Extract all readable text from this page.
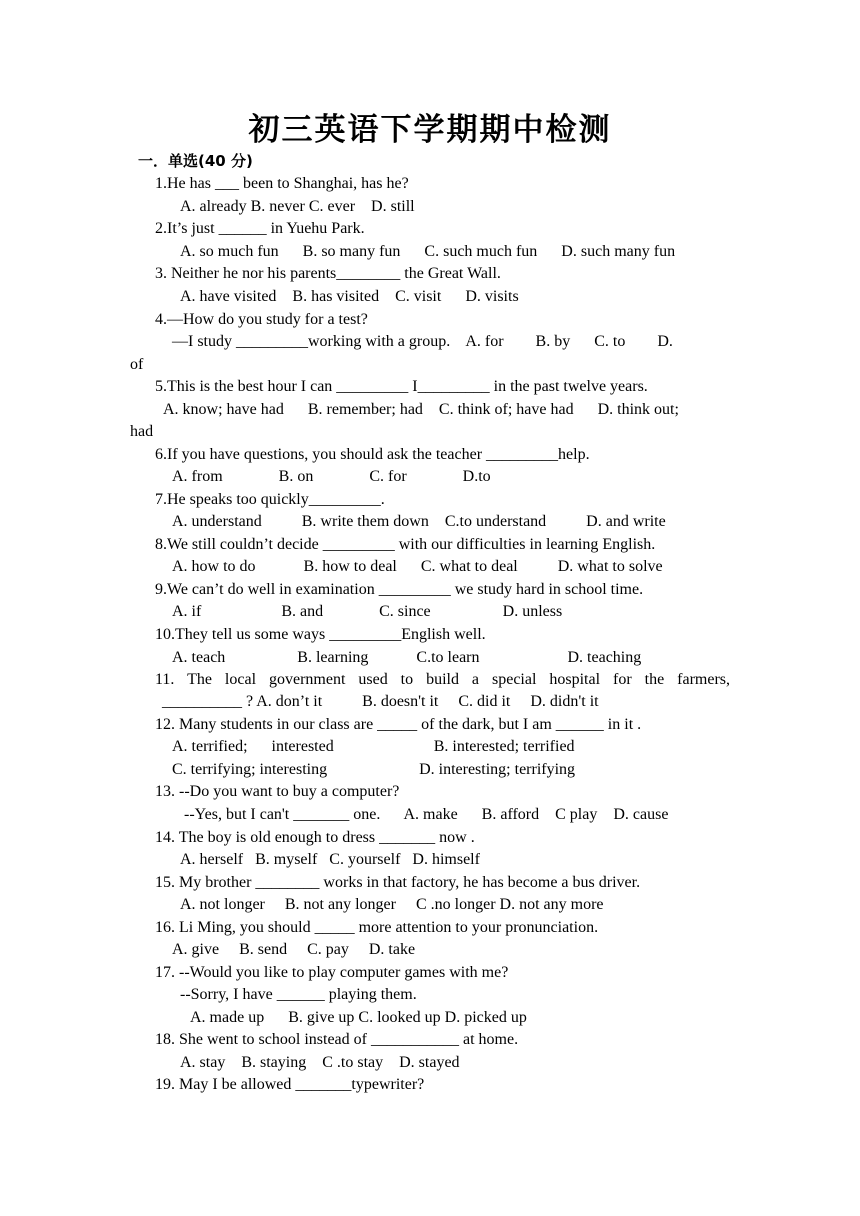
初三英语下学期期中检测
一．单选(40 分)
1.He has ___ been to Shanghai, has he?
A. already B. never C. ever    D. still
2.It’s just ______ in Yuehu Park.
A. so much fun      B. so many fun      C. such much fun      D. such many fun
3. Neither he nor his parents________ the Great Wall.
A. have visited    B. has visited    C. visit      D. visits
4.—How do you study for a test?
—I study _________working with a group.    A. for        B. by      C. to        D.
of
5.This is the best hour I can _________ I_________ in the past twelve years.
A. know; have had      B. remember; had    C. think of; have had      D. think out;
had
6.If you have questions, you should ask the teacher _________help.
A. from              B. on              C. for              D.to
7.He speaks too quickly_________.
A. understand          B. write them down    C.to understand          D. and write
8.We still couldn’t decide _________ with our difficulties in learning English.
A. how to do            B. how to deal      C. what to deal          D. what to solve
9.We can’t do well in examination _________ we study hard in school time.
A. if                    B. and              C. since                  D. unless
10.They tell us some ways _________English well.
A. teach                  B. learning            C.to learn                      D. teaching
11. The local government used to build a special hospital for the farmers,
__________ ? A. don’t it          B. doesn't it     C. did it     D. didn't it
12. Many students in our class are _____ of the dark, but I am ______ in it .
A. terrified;      interested                         B. interested; terrified
C. terrifying; interesting                       D. interesting; terrifying
13. --Do you want to buy a computer?
--Yes, but I can't _______ one.      A. make      B. afford    C play    D. cause
14. The boy is old enough to dress _______ now .
A. herself   B. myself   C. yourself   D. himself
15. My brother ________ works in that factory, he has become a bus driver.
A. not longer     B. not any longer     C .no longer D. not any more
16. Li Ming, you should _____ more attention to your pronunciation.
A. give     B. send     C. pay     D. take
17. --Would you like to play computer games with me?
--Sorry, I have ______ playing them.
A. made up      B. give up C. looked up D. picked up
18. She went to school instead of ___________ at home.
A. stay    B. staying    C .to stay    D. stayed
19. May I be allowed _______typewriter?
